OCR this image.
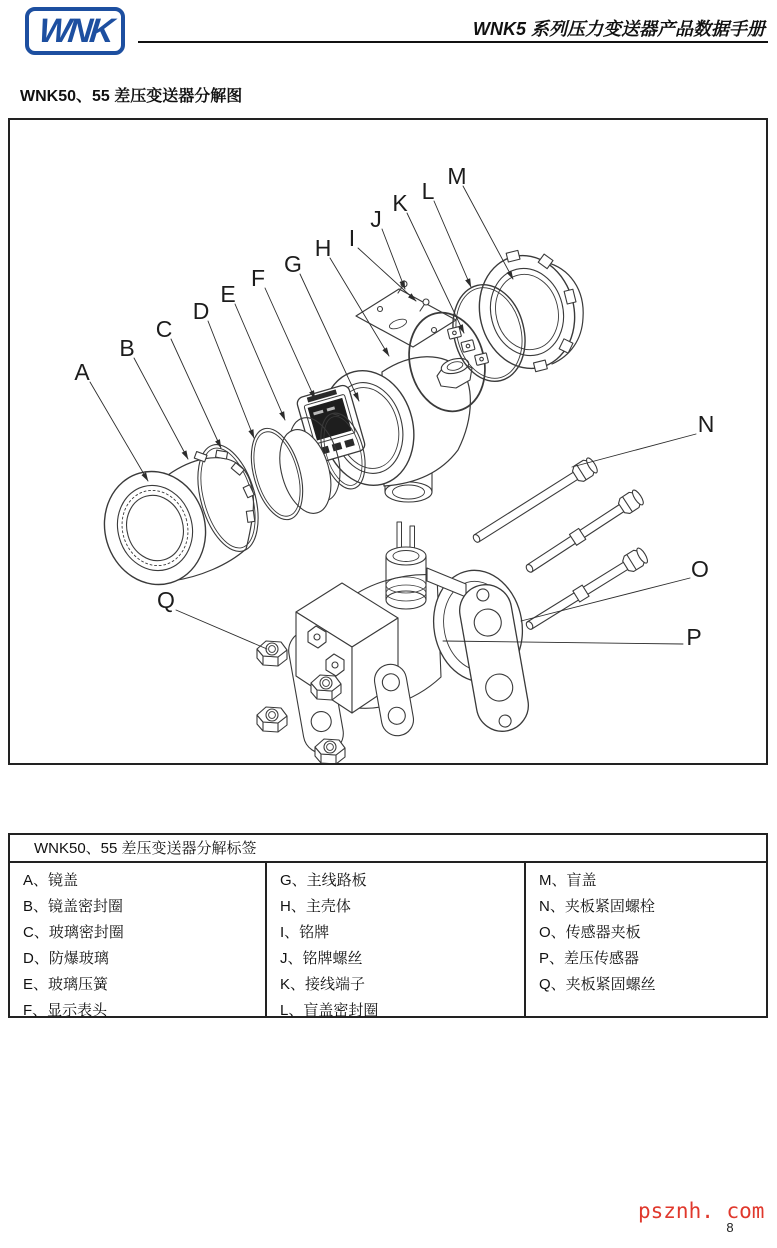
WNK	WNK5 系列压力变送器产品数据手册
WNK50、55 差压变送器分解图
A
B
C
D
E
F
G
H I
J
K L
M
N
O
P
Q
WNK50、55 差压变送器分解标签
A、镜盖
B、镜盖密封圈
C、玻璃密封圈
D、防爆玻璃
E、玻璃压簧
F、显示表头
G、主线路板
H、主壳体
I、铭牌
J、铭牌螺丝
K、接线端子
L、盲盖密封圈
M、盲盖
N、夹板紧固螺栓
O、传感器夹板
P、差压传感器
Q、夹板紧固螺丝
psznh. com
8
